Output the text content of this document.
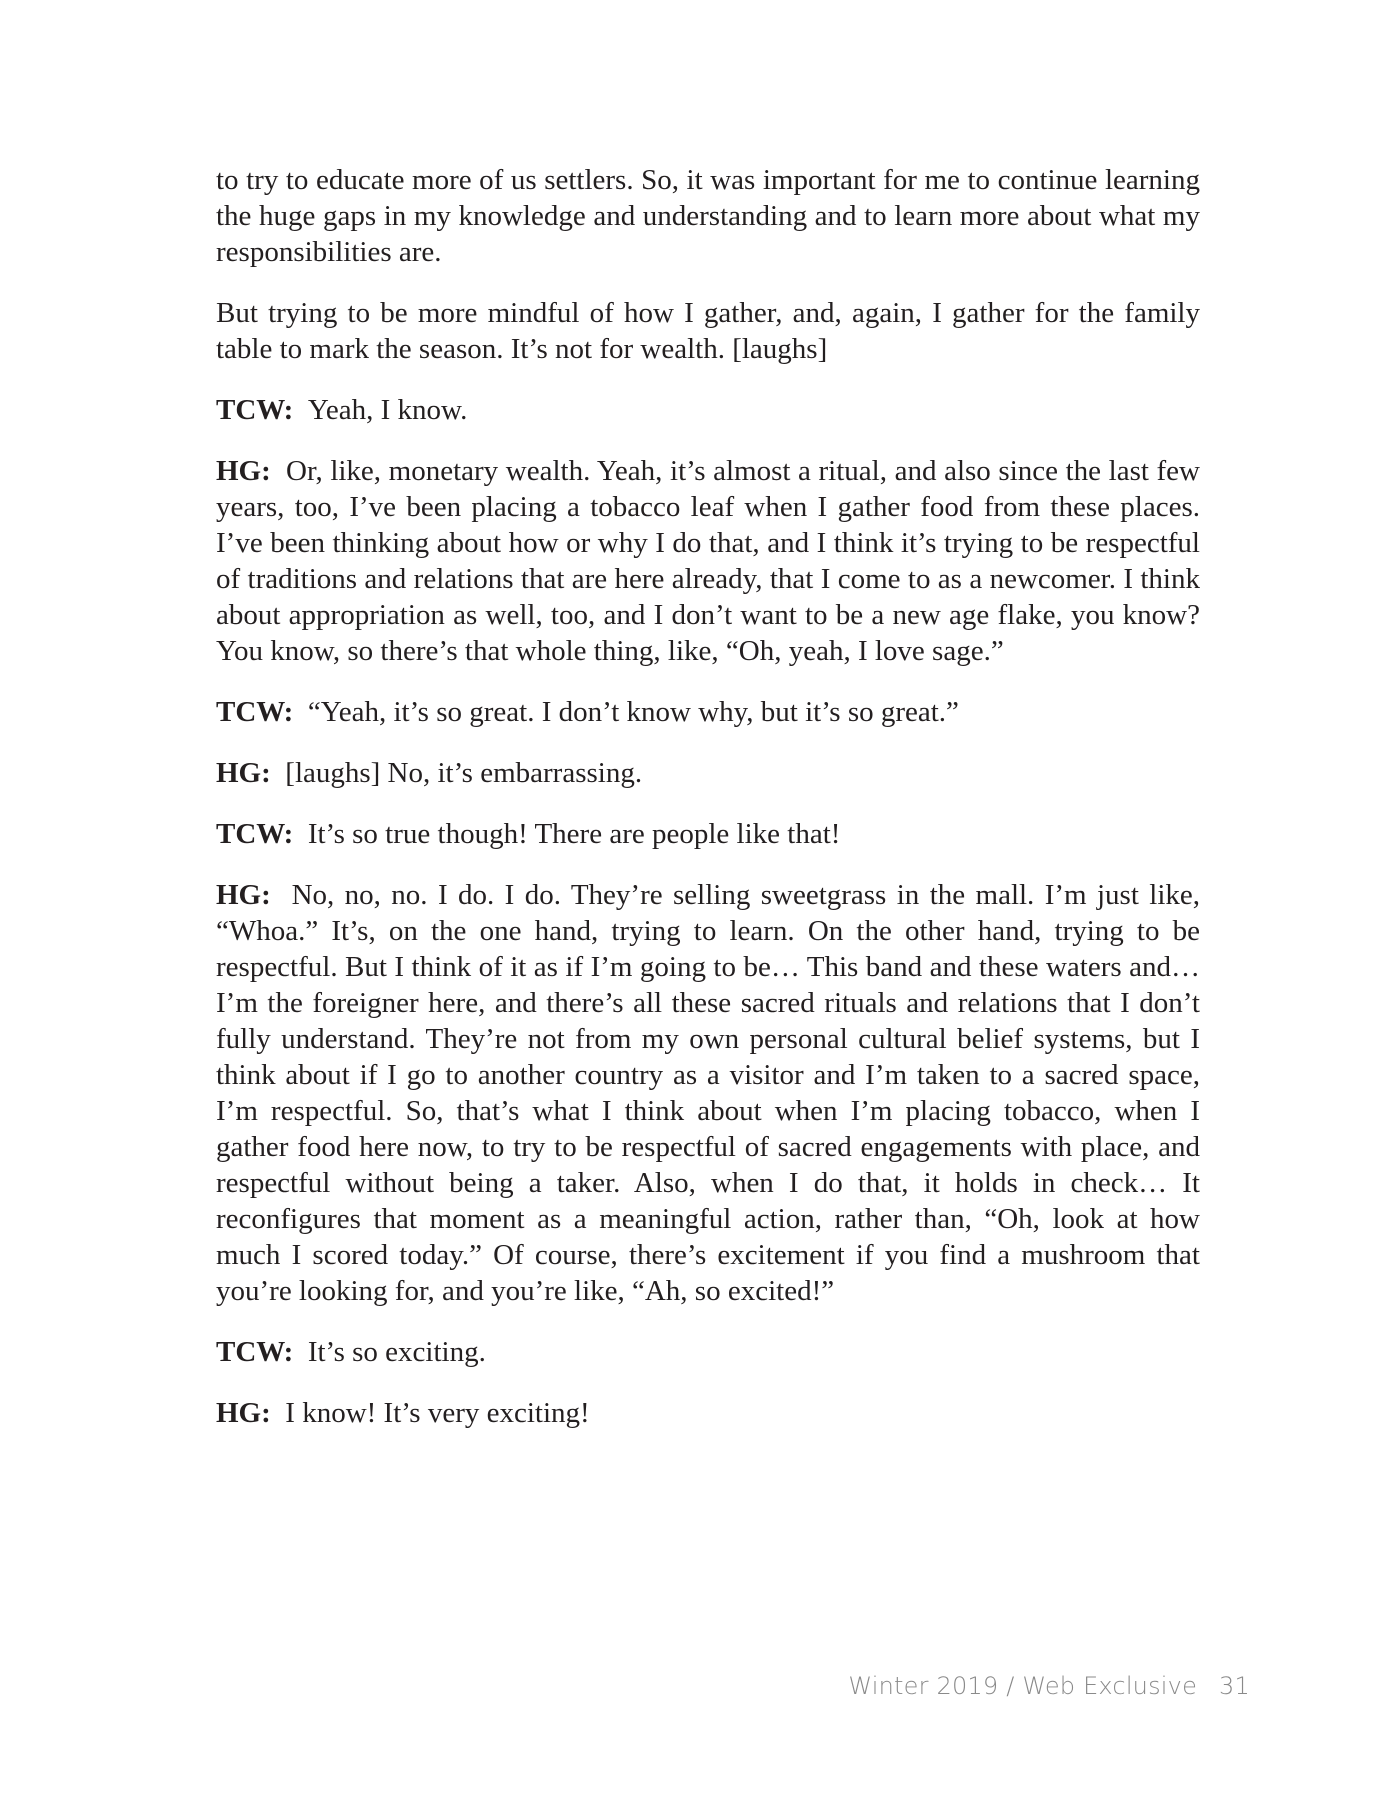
to try to educate more of us settlers. So, it was important for me to continue learning the huge gaps in my knowledge and understanding and to learn more about what my responsibilities are.

But trying to be more mindful of how I gather, and, again, I gather for the family table to mark the season. It’s not for wealth. [laughs]

TCW: Yeah, I know.

HG: Or, like, monetary wealth. Yeah, it’s almost a ritual, and also since the last few years, too, I’ve been placing a tobacco leaf when I gather food from these places. I’ve been thinking about how or why I do that, and I think it’s trying to be respectful of traditions and relations that are here already, that I come to as a newcomer. I think about appropriation as well, too, and I don’t want to be a new age flake, you know? You know, so there’s that whole thing, like, “Oh, yeah, I love sage.”

TCW: “Yeah, it’s so great. I don’t know why, but it’s so great.”

HG: [laughs] No, it’s embarrassing.

TCW: It’s so true though! There are people like that!

HG: No, no, no. I do. I do. They’re selling sweetgrass in the mall. I’m just like, “Whoa.” It’s, on the one hand, trying to learn. On the other hand, trying to be respectful. But I think of it as if I’m going to be… This band and these waters and… I’m the foreigner here, and there’s all these sacred rituals and relations that I don’t fully understand. They’re not from my own personal cultural belief systems, but I think about if I go to another country as a visitor and I’m taken to a sacred space, I’m respectful. So, that’s what I think about when I’m placing tobacco, when I gather food here now, to try to be respectful of sacred engagements with place, and respectful without being a taker. Also, when I do that, it holds in check… It reconfigures that moment as a meaningful action, rather than, “Oh, look at how much I scored today.” Of course, there’s excitement if you find a mushroom that you’re looking for, and you’re like, “Ah, so excited!”

TCW: It’s so exciting.

HG: I know! It’s very exciting!

Winter 2019 / Web Exclusive 31
